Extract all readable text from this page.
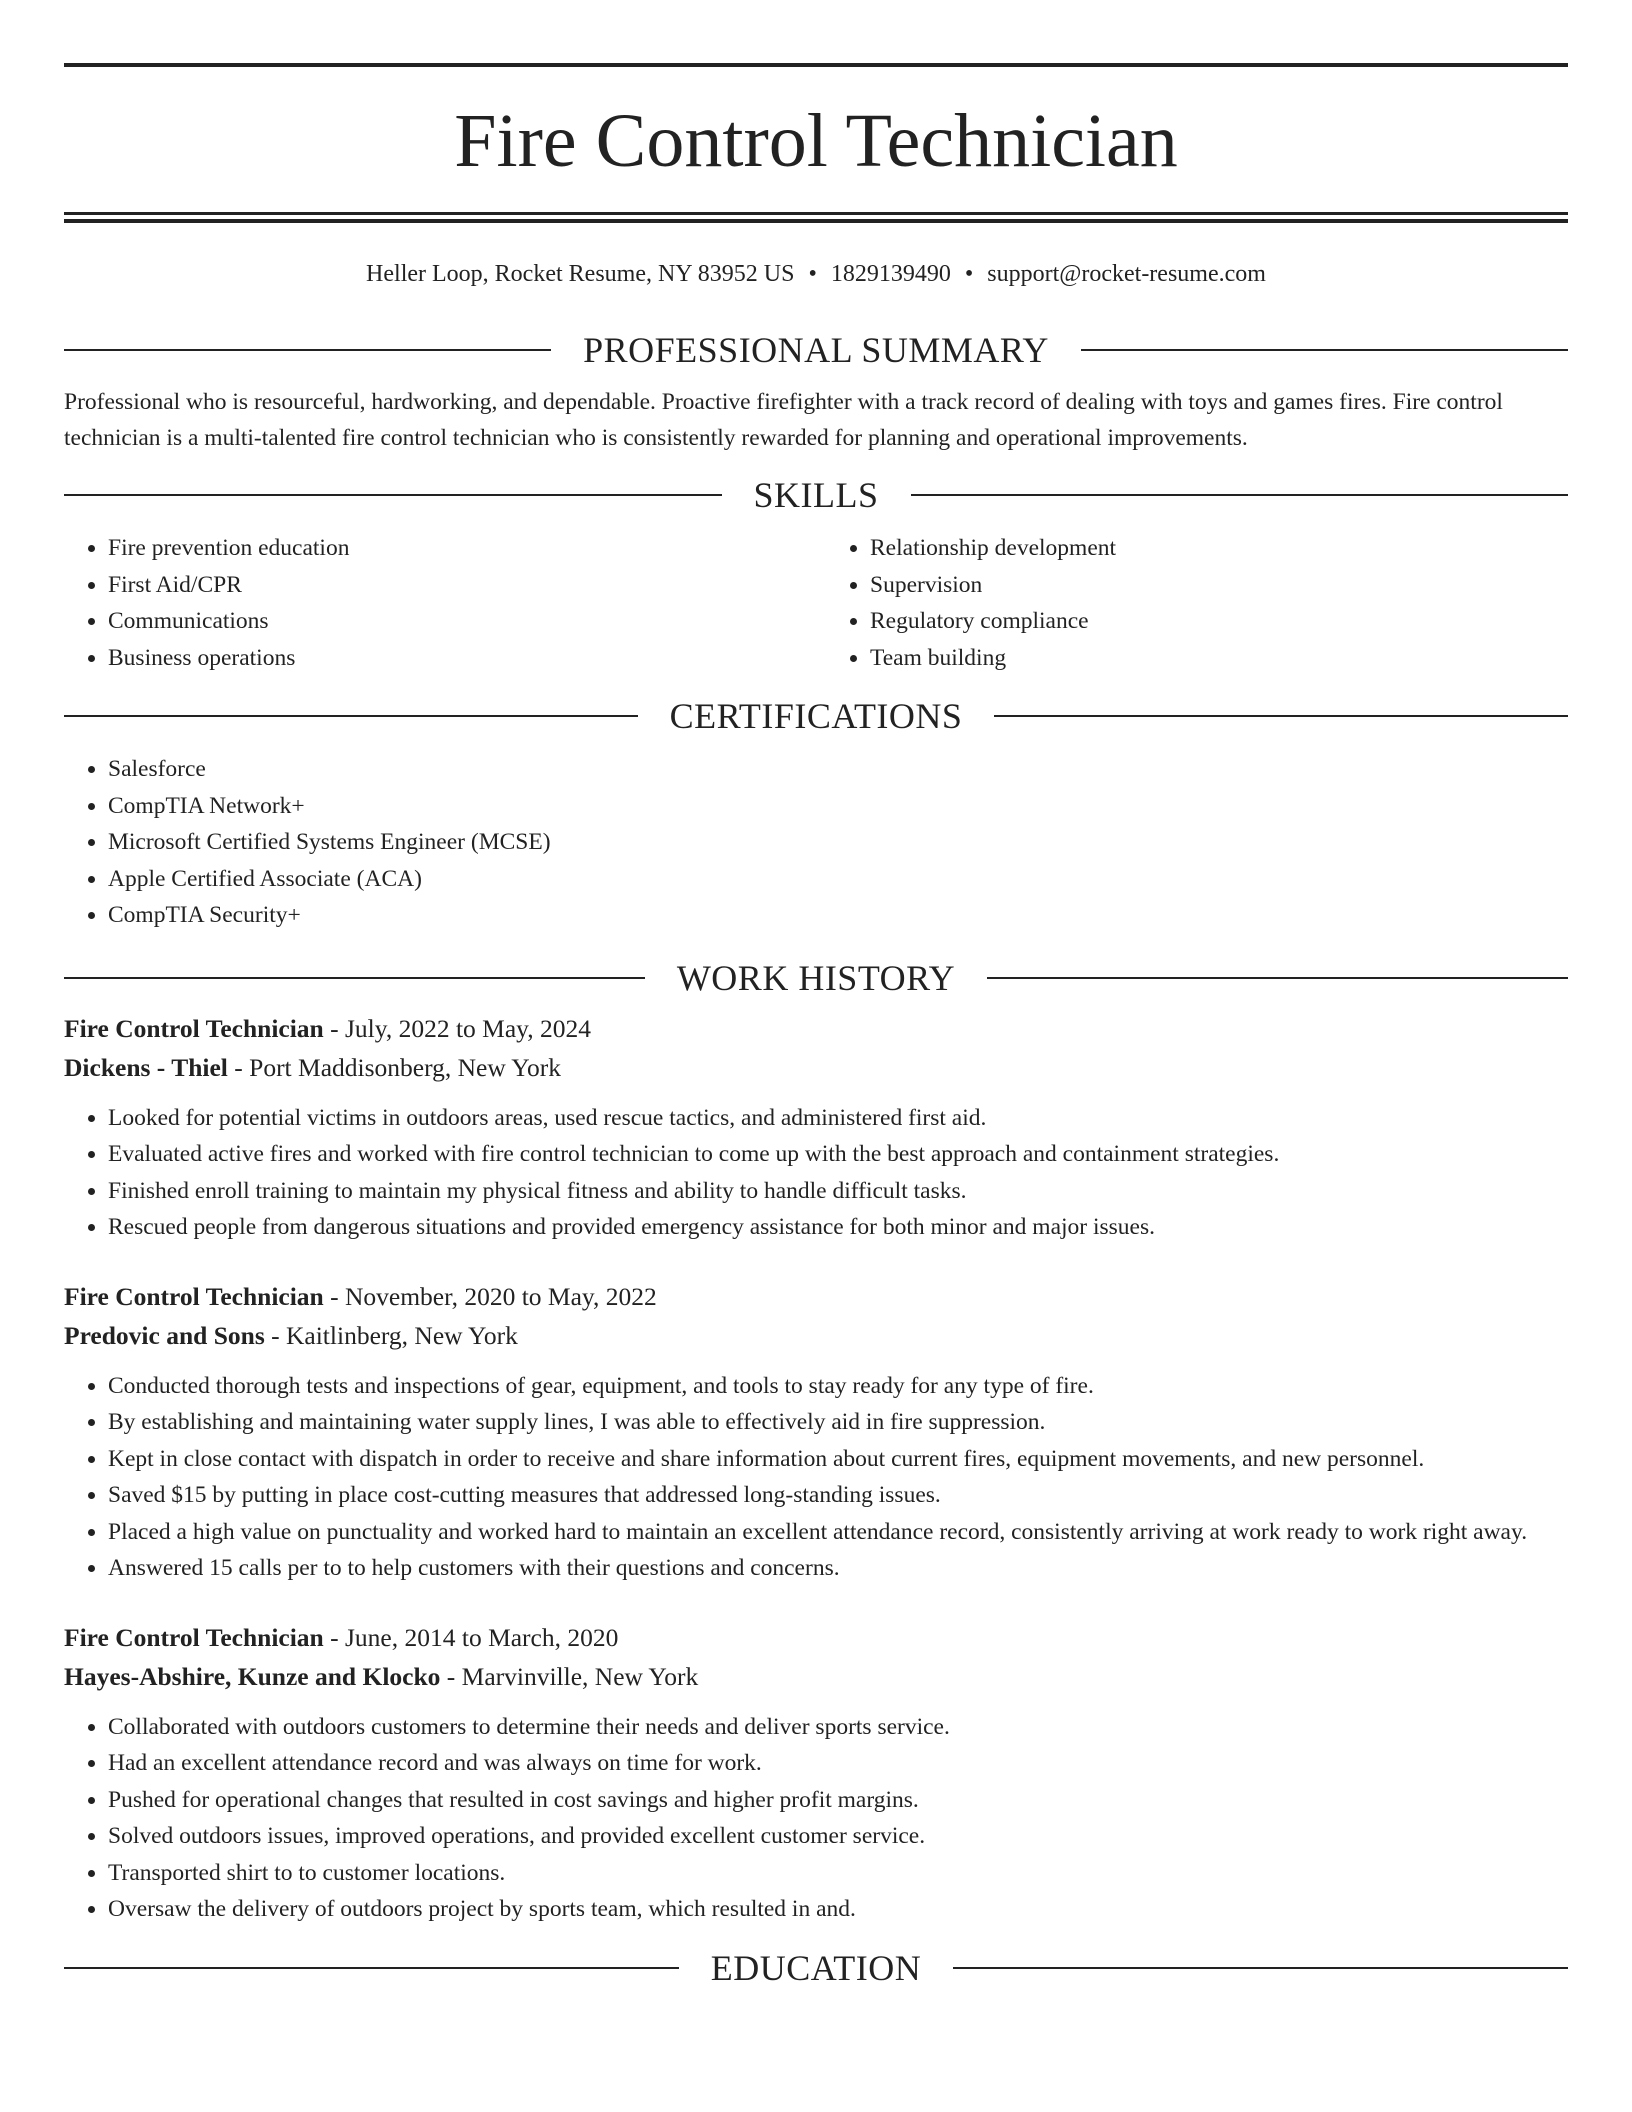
Fire Control Technician
Heller Loop, Rocket Resume, NY 83952 US • 1829139490 • support@rocket-resume.com
PROFESSIONAL SUMMARY

Professional who is resourceful, hardworking, and dependable. Proactive firefighter with a track record of dealing with toys and games fires. Fire control technician is a multi-talented fire control technician who is consistently rewarded for planning and operational improvements.

SKILLS
• Fire prevention education
• First Aid/CPR
• Communications
• Business operations
• Relationship development
• Supervision
• Regulatory compliance
• Team building
CERTIFICATIONS
• Salesforce
• CompTIA Network+
• Microsoft Certified Systems Engineer (MCSE)
• Apple Certified Associate (ACA)
• CompTIA Security+
WORK HISTORY
Fire Control Technician - July, 2022 to May, 2024
Dickens - Thiel - Port Maddisonberg, New York
• Looked for potential victims in outdoors areas, used rescue tactics, and administered first aid.
• Evaluated active fires and worked with fire control technician to come up with the best approach and containment strategies.
• Finished enroll training to maintain my physical fitness and ability to handle difficult tasks.
• Rescued people from dangerous situations and provided emergency assistance for both minor and major issues.
Fire Control Technician - November, 2020 to May, 2022
Predovic and Sons - Kaitlinberg, New York
• Conducted thorough tests and inspections of gear, equipment, and tools to stay ready for any type of fire.
• By establishing and maintaining water supply lines, I was able to effectively aid in fire suppression.
• Kept in close contact with dispatch in order to receive and share information about current fires, equipment movements, and new personnel.
• Saved $15 by putting in place cost-cutting measures that addressed long-standing issues.
• Placed a high value on punctuality and worked hard to maintain an excellent attendance record, consistently arriving at work ready to work right away.
• Answered 15 calls per to to help customers with their questions and concerns.
Fire Control Technician - June, 2014 to March, 2020
Hayes-Abshire, Kunze and Klocko - Marvinville, New York
• Collaborated with outdoors customers to determine their needs and deliver sports service.
• Had an excellent attendance record and was always on time for work.
• Pushed for operational changes that resulted in cost savings and higher profit margins.
• Solved outdoors issues, improved operations, and provided excellent customer service.
• Transported shirt to to customer locations.
• Oversaw the delivery of outdoors project by sports team, which resulted in and.
EDUCATION
